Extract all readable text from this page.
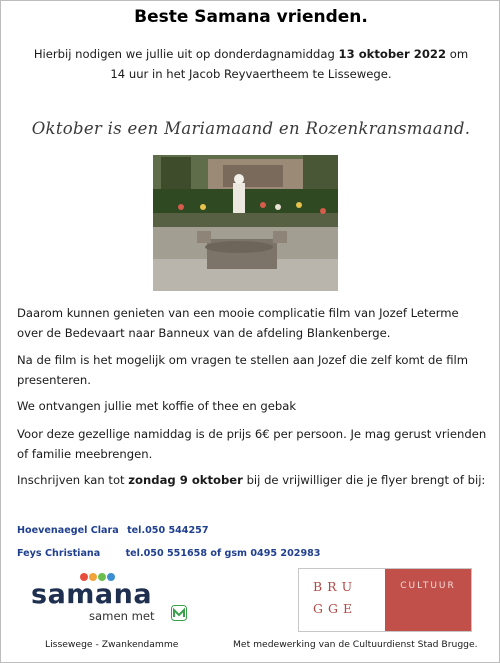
Beste Samana vrienden.
Hierbij nodigen we jullie uit op donderdagnamiddag 13 oktober 2022 om
14 uur in het Jacob Reyvaertheem te Lissewege.
Oktober is een Mariamaand en Rozenkransmaand.
Daarom kunnen genieten van een mooie complicatie film van Jozef Leterme over de Bedevaart naar Banneux van de afdeling Blankenberge.
Na de film is het mogelijk om vragen te stellen aan Jozef die zelf komt de film presenteren.
We ontvangen jullie met koffie of thee en gebak
Voor deze gezellige namiddag is de prijs 6€ per persoon. Je mag gerust vrienden of familie meebrengen.
Inschrijven kan tot zondag 9 oktober bij de vrijwilliger die je flyer brengt of bij:
Hoevenaegel Clara tel.050 544257
Feys Christiana	tel.050 551658 of gsm 0495 202983
samana
samen met
BRU
GGE
CULTUUR
Lissewege - Zwankendamme	Met medewerking van de Cultuurdienst Stad Brugge.
